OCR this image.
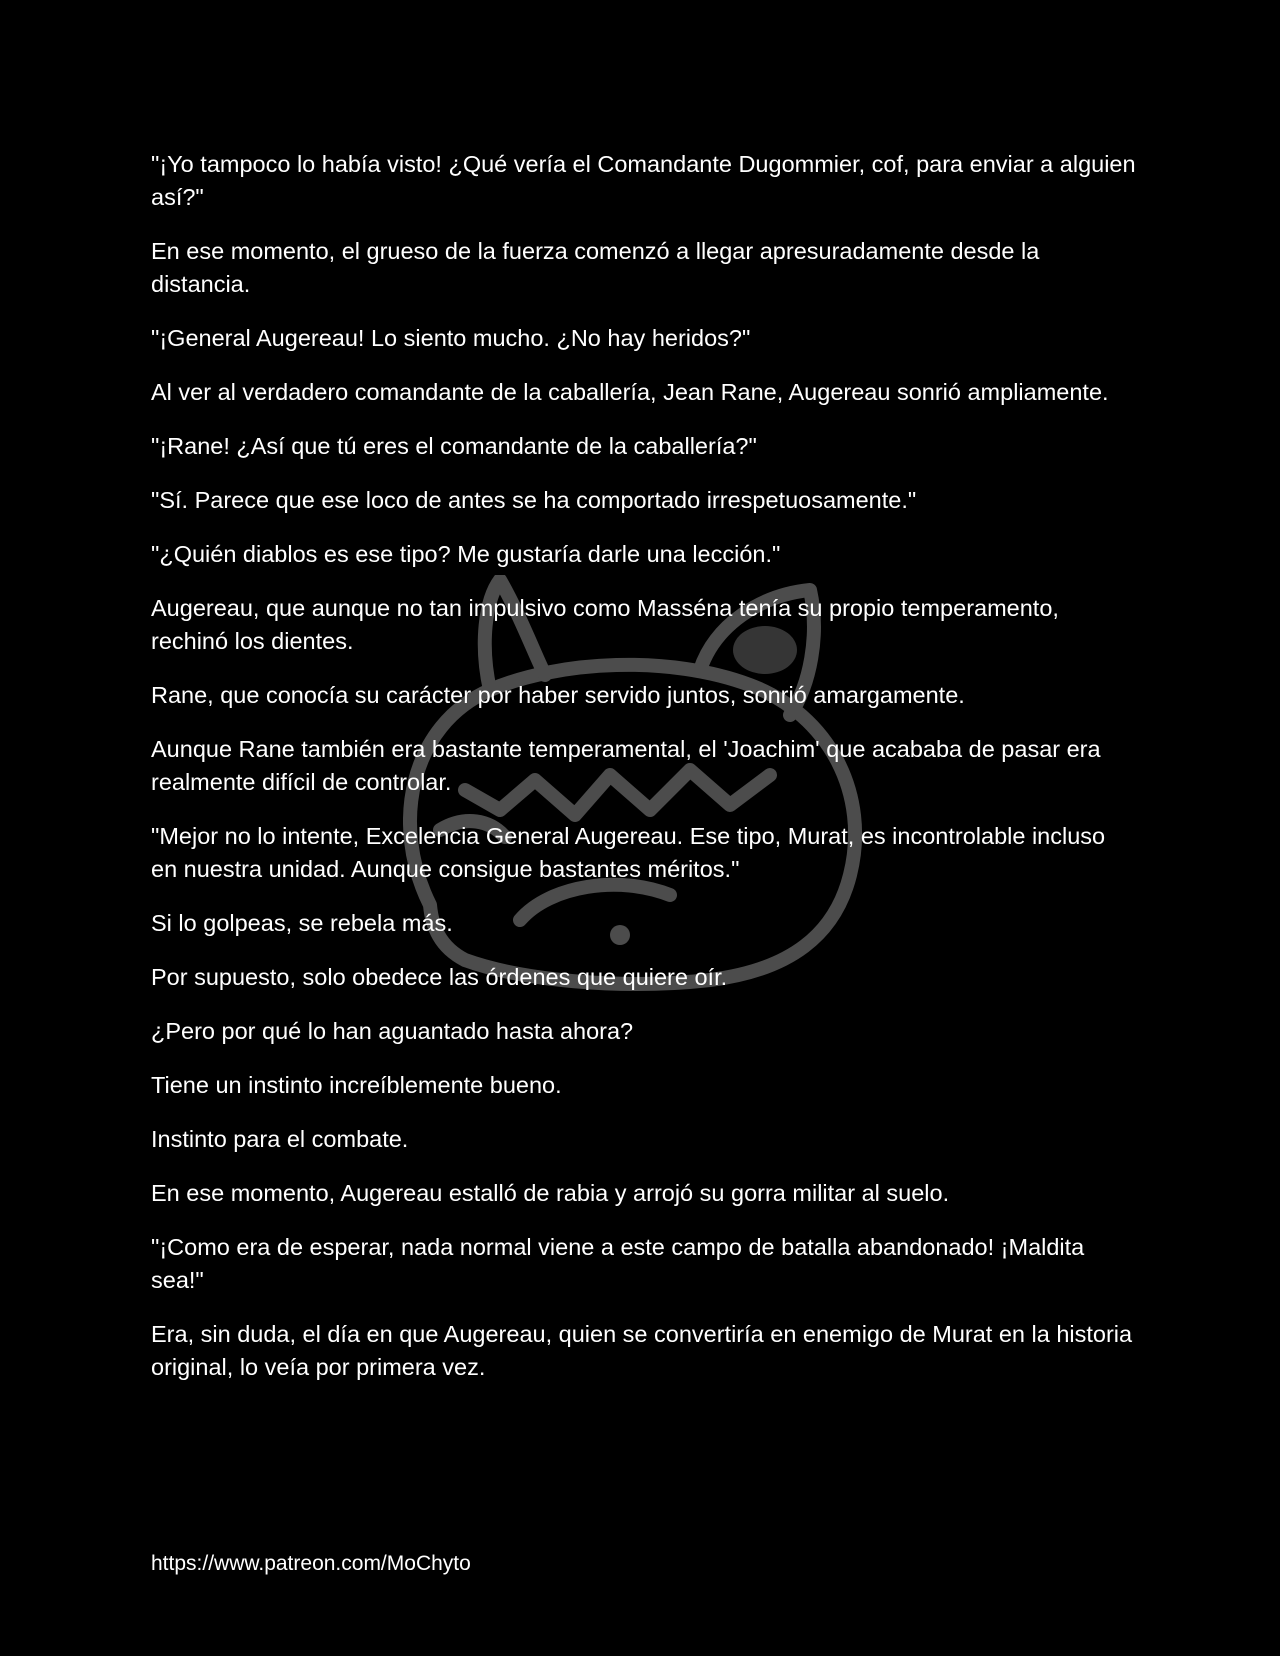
"¡Yo tampoco lo había visto! ¿Qué vería el Comandante Dugommier, cof, para enviar a alguien así?"

En ese momento, el grueso de la fuerza comenzó a llegar apresuradamente desde la distancia.

"¡General Augereau! Lo siento mucho. ¿No hay heridos?"

Al ver al verdadero comandante de la caballería, Jean Rane, Augereau sonrió ampliamente.

"¡Rane! ¿Así que tú eres el comandante de la caballería?"

"Sí. Parece que ese loco de antes se ha comportado irrespetuosamente."

"¿Quién diablos es ese tipo? Me gustaría darle una lección."

Augereau, que aunque no tan impulsivo como Masséna tenía su propio temperamento, rechinó los dientes.

Rane, que conocía su carácter por haber servido juntos, sonrió amargamente.

Aunque Rane también era bastante temperamental, el 'Joachim' que acababa de pasar era realmente difícil de controlar.

"Mejor no lo intente, Excelencia General Augereau. Ese tipo, Murat, es incontrolable incluso en nuestra unidad. Aunque consigue bastantes méritos."

Si lo golpeas, se rebela más.

Por supuesto, solo obedece las órdenes que quiere oír.

¿Pero por qué lo han aguantado hasta ahora?

Tiene un instinto increíblemente bueno.

Instinto para el combate.

En ese momento, Augereau estalló de rabia y arrojó su gorra militar al suelo.

"¡Como era de esperar, nada normal viene a este campo de batalla abandonado! ¡Maldita sea!"

Era, sin duda, el día en que Augereau, quien se convertiría en enemigo de Murat en la historia original, lo veía por primera vez.

https://www.patreon.com/MoChyto
